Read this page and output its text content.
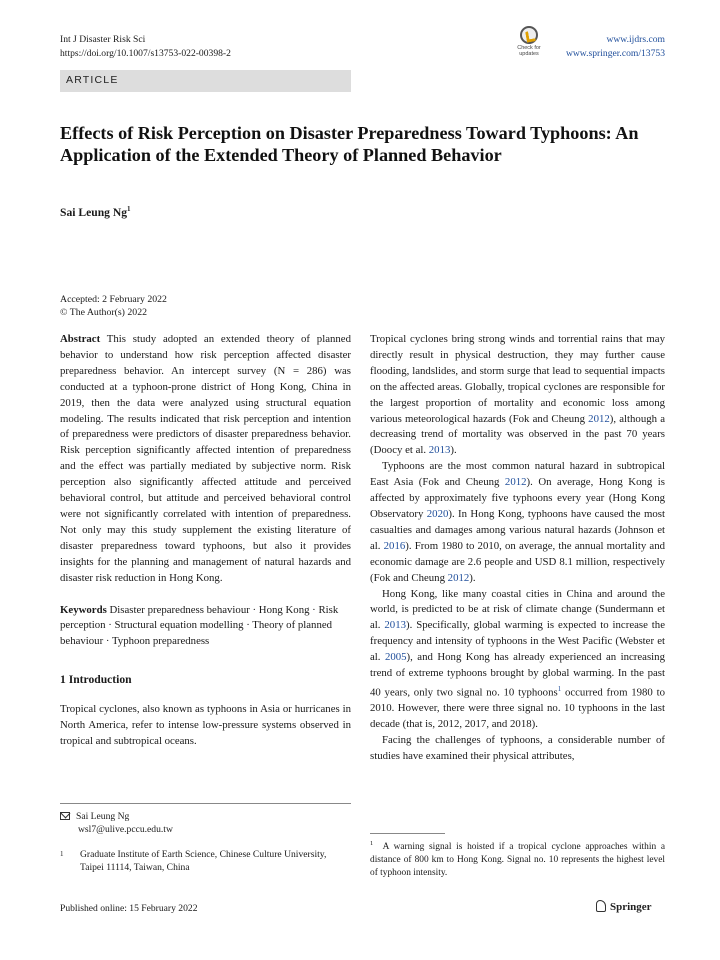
Int J Disaster Risk Sci
https://doi.org/10.1007/s13753-022-00398-2	Check for
updates
www.ijdrs.com
www.springer.com/13753
ARTICLE
Effects of Risk Perception on Disaster Preparedness Toward Typhoons: An Application of the Extended Theory of Planned Behavior
Sai Leung Ng$^1$
Accepted: 2 February 2022
© The Author(s) 2022

Abstract This study adopted an extended theory of planned behavior to understand how risk perception affected disaster preparedness behavior. An intercept survey (N = 286) was conducted at a typhoon-prone district of Hong Kong, China in 2019, then the data were analyzed using structural equation modeling. The results indicated that risk perception and intention of preparedness were predictors of disaster preparedness behavior. Risk perception significantly affected intention of preparedness and the effect was partially mediated by subjective norm. Risk perception also significantly affected attitude and perceived behavioral control, but attitude and perceived behavioral control were not significantly correlated with intention of preparedness. Not only may this study supplement the existing literature of disaster preparedness toward typhoons, but also it provides insights for the planning and management of natural hazards and disaster risk reduction in Hong Kong.

Keywords Disaster preparedness behaviour · Hong Kong · Risk perception · Structural equation modelling · Theory of planned behaviour · Typhoon preparedness

1 Introduction

Tropical cyclones, also known as typhoons in Asia or hurricanes in North America, refer to intense low-pressure systems observed in tropical and subtropical oceans.

Tropical cyclones bring strong winds and torrential rains that may directly result in physical destruction, they may further cause flooding, landslides, and storm surge that lead to sequential impacts on the affected areas. Globally, tropical cyclones are responsible for the largest proportion of mortality and economic loss among various meteorological hazards (Fok and Cheung 2012), although a decreasing trend of mortality was observed in the past 70 years (Doocy et al. 2013).

Typhoons are the most common natural hazard in subtropical East Asia (Fok and Cheung 2012). On average, Hong Kong is affected by approximately five typhoons every year (Hong Kong Observatory 2020). In Hong Kong, typhoons have caused the most casualties and damages among various natural hazards (Johnson et al. 2016). From 1980 to 2010, on average, the annual mortality and economic damage are 2.6 people and USD 8.1 million, respectively (Fok and Cheung 2012).

Hong Kong, like many coastal cities in China and around the world, is predicted to be at risk of climate change (Sundermann et al. 2013). Specifically, global warming is expected to increase the frequency and intensity of typhoons in the West Pacific (Webster et al. 2005), and Hong Kong has already experienced an increasing trend of extreme typhoons brought by global warming. In the past 40 years, only two signal no. 10 typhoons$^1$ occurred from 1980 to 2010. However, there were three signal no. 10 typhoons in the last decade (that is, 2012, 2017, and 2018).

Facing the challenges of typhoons, a considerable number of studies have examined their physical attributes,

Sai Leung Ng
wsl7@ulive.pccu.edu.tw
1	Graduate Institute of Earth Science, Chinese Culture University, Taipei 11114, Taiwan, China
$^1$ A warning signal is hoisted if a tropical cyclone approaches within a distance of 800 km to Hong Kong. Signal no. 10 represents the highest level of typhoon intensity.
Published online: 15 February 2022	Springer
